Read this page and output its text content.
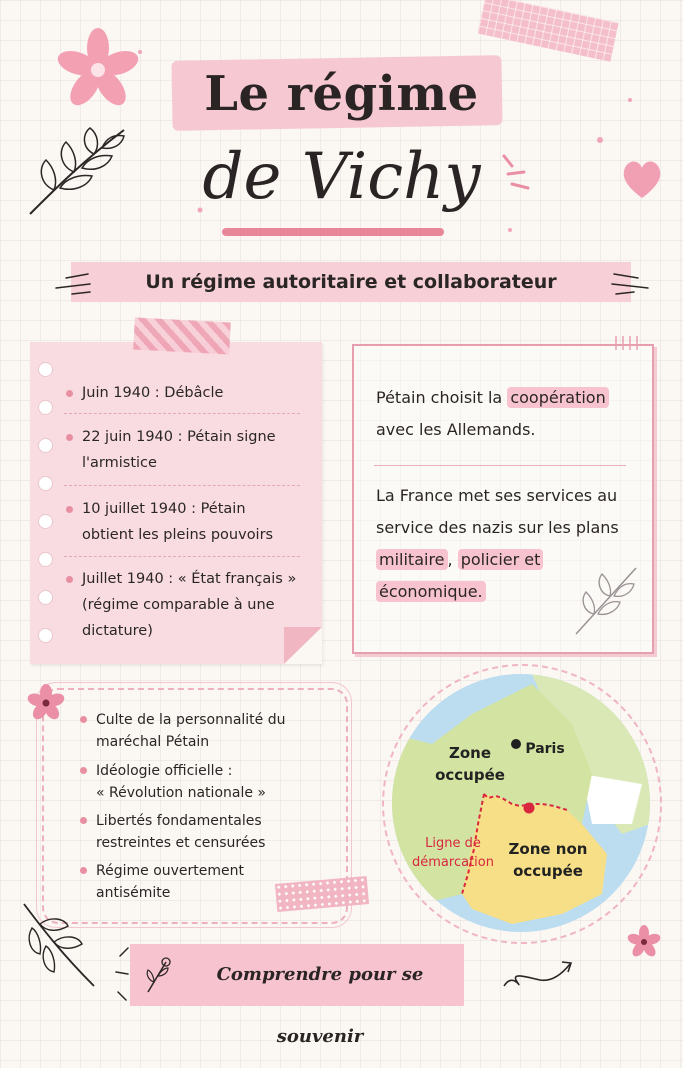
Le régime
de Vichy
Un régime autoritaire et collaborateur
Juin 1940 : Débâcle
22 juin 1940 : Pétain signe
l'armistice
10 juillet 1940 : Pétain
obtient les pleins pouvoirs
Juillet 1940 : « État français »
(régime comparable à une
dictature)
Pétain choisit la coopération
avec les Allemands.
La France met ses services au
service des nazis sur les plans
militaire , policier et
économique.
Culte de la personnalité du
maréchal Pétain
Idéologie officielle :
« Révolution nationale »
Libertés fondamentales
restreintes et censurées
Régime ouvertement
antisémite
Zone
occupée
Paris
Ligne de
démarcation
Zone non
occupée
Comprendre pour se souvenir
